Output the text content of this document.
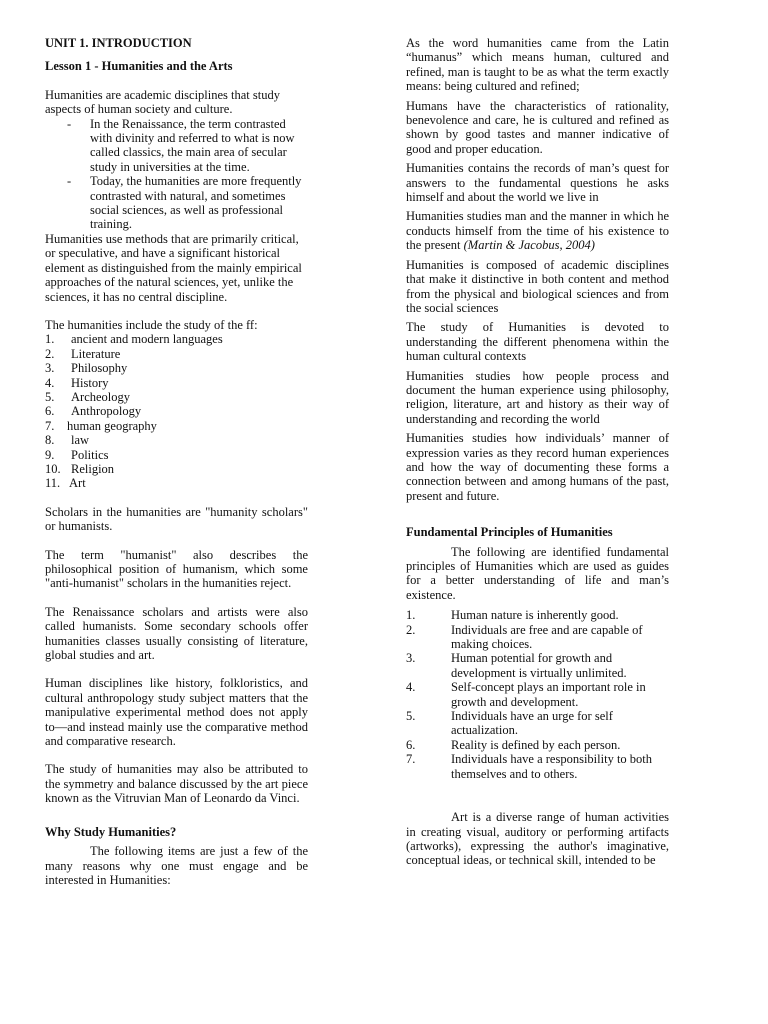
UNIT 1. INTRODUCTION

Lesson 1 - Humanities and the Arts

Humanities are academic disciplines that study aspects of human society and culture.

- In the Renaissance, the term contrasted with divinity and referred to what is now called classics, the main area of secular study in universities at the time.
- Today, the humanities are more frequently contrasted with natural, and sometimes social sciences, as well as professional training.

Humanities use methods that are primarily critical, or speculative, and have a significant historical element as distinguished from the mainly empirical approaches of the natural sciences, yet, unlike the sciences, it has no central discipline.

The humanities include the study of the ff:

1. ancient and modern languages
2. Literature
3. Philosophy
4. History
5. Archeology
6. Anthropology
7. human geography
8. law
9. Politics
10. Religion
11. Art

Scholars in the humanities are "humanity scholars" or humanists.

The term "humanist" also describes the philosophical position of humanism, which some "anti-humanist" scholars in the humanities reject.

The Renaissance scholars and artists were also called humanists. Some secondary schools offer humanities classes usually consisting of literature, global studies and art.

Human disciplines like history, folkloristics, and cultural anthropology study subject matters that the manipulative experimental method does not apply to—and instead mainly use the comparative method and comparative research.

The study of humanities may also be attributed to the symmetry and balance discussed by the art piece known as the Vitruvian Man of Leonardo da Vinci.

Why Study Humanities?

The following items are just a few of the many reasons why one must engage and be interested in Humanities:

As the word humanities came from the Latin “humanus” which means human, cultured and refined, man is taught to be as what the term exactly means: being cultured and refined;

Humans have the characteristics of rationality, benevolence and care, he is cultured and refined as shown by good tastes and manner indicative of good and proper education.

Humanities contains the records of man’s quest for answers to the fundamental questions he asks himself and about the world we live in

Humanities studies man and the manner in which he conducts himself from the time of his existence to the present (Martin & Jacobus, 2004)

Humanities is composed of academic disciplines that make it distinctive in both content and method from the physical and biological sciences and from the social sciences

The study of Humanities is devoted to understanding the different phenomena within the human cultural contexts

Humanities studies how people process and document the human experience using philosophy, religion, literature, art and history as their way of understanding and recording the world

Humanities studies how individuals’ manner of expression varies as they record human experiences and how the way of documenting these forms a connection between and among humans of the past, present and future.

Fundamental Principles of Humanities

The following are identified fundamental principles of Humanities which are used as guides for a better understanding of life and man’s existence.

1.	Human nature is inherently good.
2.	Individuals are free and are capable of making choices.
3.	Human potential for growth and development is virtually unlimited.
4.	Self-concept plays an important role in growth and development.
5.	Individuals have an urge for self actualization.
6.	Reality is defined by each person.
7.	Individuals have a responsibility to both themselves and to others.

Art is a diverse range of human activities in creating visual, auditory or performing artifacts (artworks), expressing the author's imaginative, conceptual ideas, or technical skill, intended to be
